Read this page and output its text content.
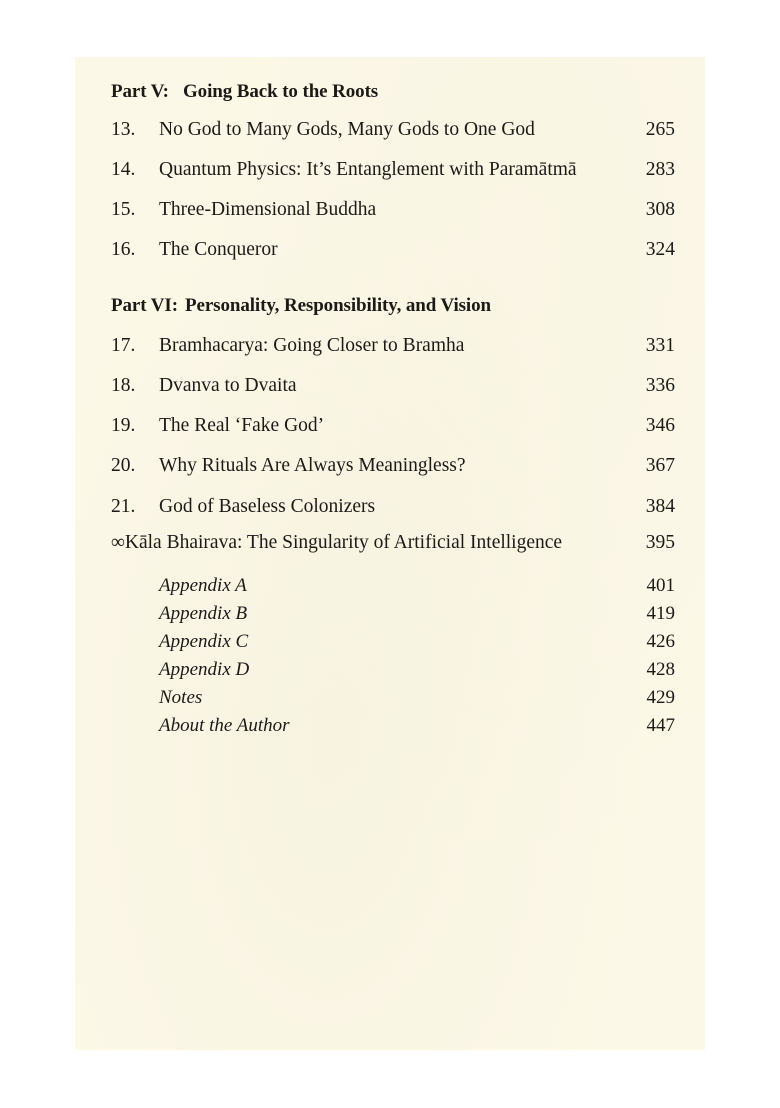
Part V: Going Back to the Roots
13. No God to Many Gods, Many Gods to One God	265
14. Quantum Physics: It’s Entanglement with Paramātmā	283
15. Three-Dimensional Buddha	308
16. The Conqueror	324
Part VI: Personality, Responsibility, and Vision
17. Bramhacarya: Going Closer to Bramha	331
18. Dvanva to Dvaita	336
19. The Real ‘Fake God’	346
20. Why Rituals Are Always Meaningless?	367
21. God of Baseless Colonizers	384
∞Kāla Bhairava: The Singularity of Artificial Intelligence	395
Appendix A	401
Appendix B	419
Appendix C	426
Appendix D	428
Notes	429
About the Author	447
